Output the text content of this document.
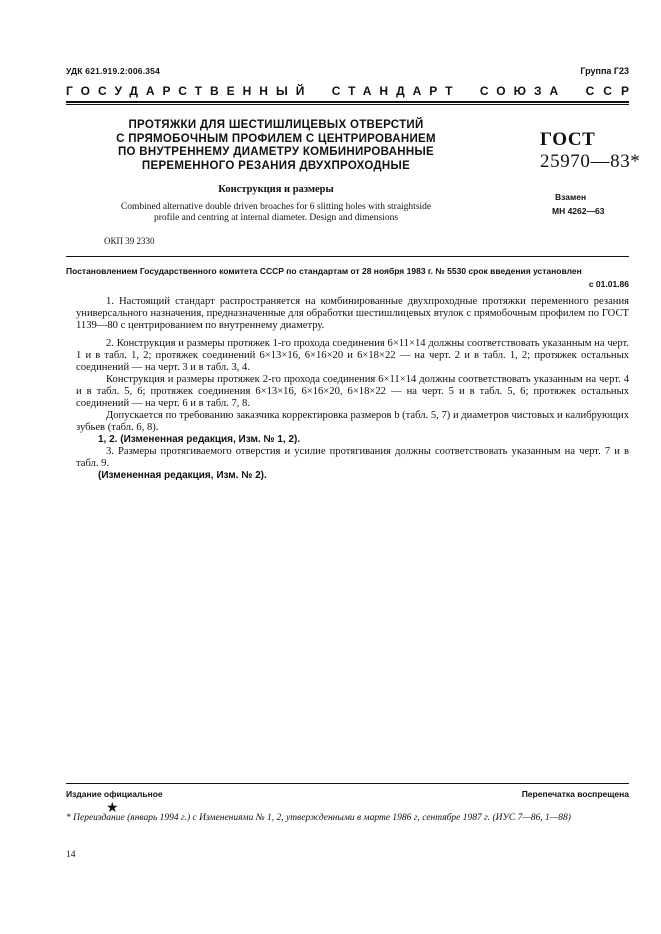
УДК 621.919.2:006.354	Группа Г23
ГОСУДАРСТВЕННЫЙ СТАНДАРТ СОЮЗА ССР
ПРОТЯЖКИ ДЛЯ ШЕСТИШЛИЦЕВЫХ ОТВЕРСТИЙ
С ПРЯМОБОЧНЫМ ПРОФИЛЕМ С ЦЕНТРИРОВАНИЕМ
ПО ВНУТРЕННЕМУ ДИАМЕТРУ КОМБИНИРОВАННЫЕ
ПЕРЕМЕННОГО РЕЗАНИЯ ДВУХПРОХОДНЫЕ
Конструкция и размеры
Combined alternative double driven broaches for 6 slitting holes with straightside
profile and centring at internal diameter. Design and dimensions
ОКП 39 2330
ГОСТ
25970—83*
Взамен
МН 4262—63
Постановлением Государственного комитета СССР по стандартам от 28 ноября 1983 г. № 5530 срок введения установлен
с 01.01.86

1. Настоящий стандарт распространяется на комбинированные двухпроходные протяжки переменного резания универсального назначения, предназначенные для обработки шестишлицевых втулок с прямобочным профилем по ГОСТ 1139—80 с центрированием по внутреннему диаметру.

2. Конструкция и размеры протяжек 1-го прохода соединения 6×11×14 должны соответствовать указанным на черт. 1 и в табл. 1, 2; протяжек соединений 6×13×16, 6×16×20 и 6×18×22 — на черт. 2 и в табл. 1, 2; протяжек остальных соединений — на черт. 3 и в табл. 3, 4.

Конструкция и размеры протяжек 2-го прохода соединения 6×11×14 должны соответствовать указанным на черт. 4 и в табл. 5, 6; протяжек соединения 6×13×16, 6×16×20, 6×18×22 — на черт. 5 и в табл. 5, 6; протяжек остальных соединений — на черт. 6 и в табл. 7, 8.

Допускается по требованию заказчика корректировка размеров b (табл. 5, 7) и диаметров чистовых и калибрующих зубьев (табл. 6, 8).

1, 2. (Измененная редакция, Изм. № 1, 2).

3. Размеры протягиваемого отверстия и усилие протягивания должны соответствовать указанным на черт. 7 и в табл. 9.

(Измененная редакция, Изм. № 2).

Издание официальное	Перепечатка воспрещена
★
* Переиздание (январь 1994 г.) с Изменениями № 1, 2, утвержденными в марте 1986 г, сентябре 1987 г. (ИУС 7—86, 1—88)
14
